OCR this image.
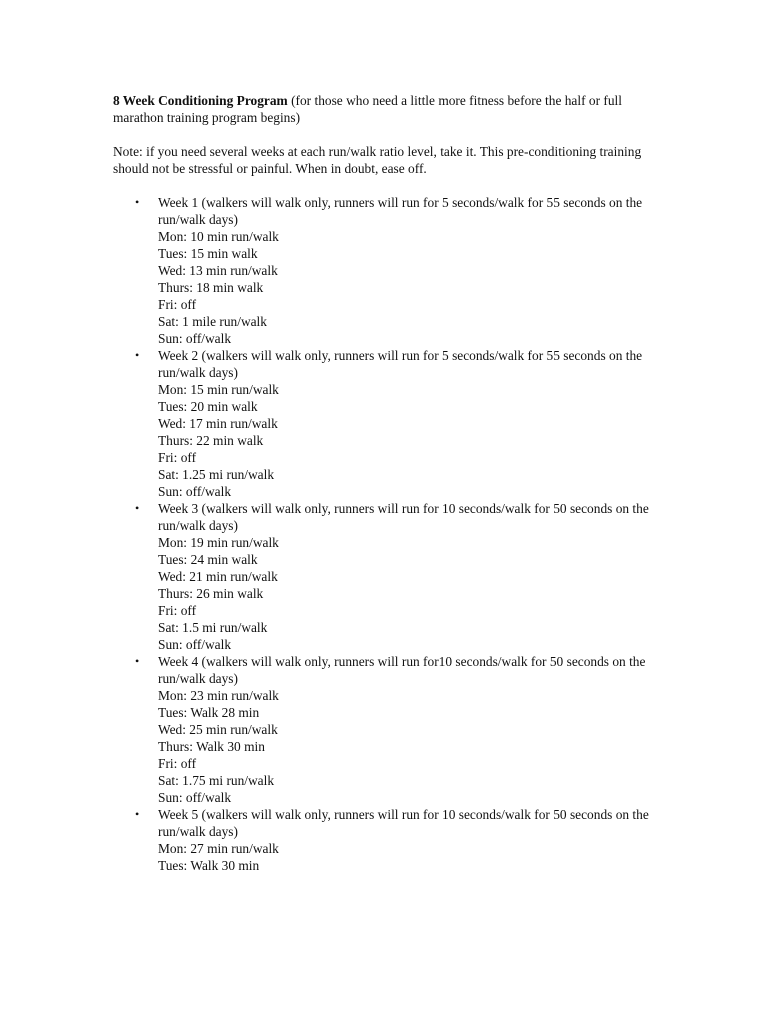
8 Week Conditioning Program (for those who need a little more fitness before the half or full marathon training program begins)

Note: if you need several weeks at each run/walk ratio level, take it. This pre-conditioning training should not be stressful or painful. When in doubt, ease off.

• Week 1 (walkers will walk only, runners will run for 5 seconds/walk for 55 seconds on the run/walk days)
Mon: 10 min run/walk
Tues: 15 min walk
Wed: 13 min run/walk
Thurs: 18 min walk
Fri: off
Sat: 1 mile run/walk
Sun: off/walk
• Week 2 (walkers will walk only, runners will run for 5 seconds/walk for 55 seconds on the run/walk days)
Mon: 15 min run/walk
Tues: 20 min walk
Wed: 17 min run/walk
Thurs: 22 min walk
Fri: off
Sat: 1.25 mi run/walk
Sun: off/walk
• Week 3 (walkers will walk only, runners will run for 10 seconds/walk for 50 seconds on the run/walk days)
Mon: 19 min run/walk
Tues: 24 min walk
Wed: 21 min run/walk
Thurs: 26 min walk
Fri: off
Sat: 1.5 mi run/walk
Sun: off/walk
• Week 4 (walkers will walk only, runners will run for10 seconds/walk for 50 seconds on the run/walk days)
Mon: 23 min run/walk
Tues: Walk 28 min
Wed: 25 min run/walk
Thurs: Walk 30 min
Fri: off
Sat: 1.75 mi run/walk
Sun: off/walk
• Week 5 (walkers will walk only, runners will run for 10 seconds/walk for 50 seconds on the run/walk days)
Mon: 27 min run/walk
Tues: Walk 30 min
